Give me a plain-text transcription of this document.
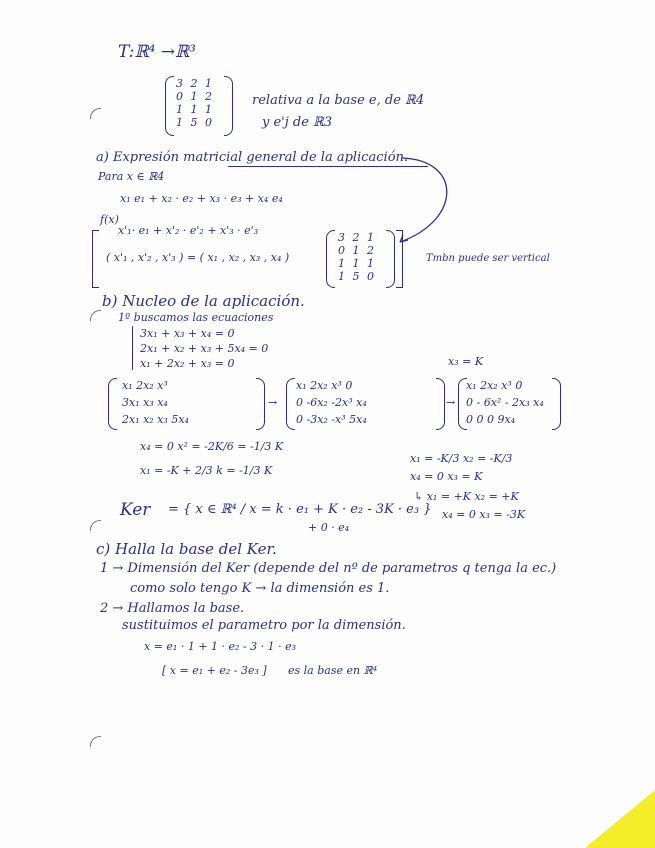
T:ℝ⁴ →ℝ³
3 2 1
0 1 2
1 1 1
1 5 0
relativa a la base e, de ℝ4
y e'j de ℝ3
a) Expresión matricial general de la aplicación.
Para x ∈ ℝ4
x₁ e₁ + x₂ · e₂ + x₃ · e₃ + x₄ e₄
f(x)
x'₁· e₁ + x'₂ · e'₂ + x'₃ · e'₃
( x'₁ , x'₂ , x'₃ ) = ( x₁ , x₂ , x₃ , x₄ )
3 2 1
0 1 2
1 1 1
1 5 0
Tmbn puede ser vertical
b) Nucleo de la aplicación.
1º buscamos las ecuaciones
3x₁ + x₃ + x₄ = 0
2x₁ + x₂ + x₃ + 5x₄ = 0
x₁ + 2x₂ + x₃ = 0	x₃ = K
x₁ 2x₂ x³
3x₁ x₃ x₄
2x₁ x₂ x₃ 5x₄
→
x₁ 2x₂ x³ 0
0 -6x₂ -2x³ x₄
0 -3x₂ -x³ 5x₄
→
x₁ 2x₂ x³ 0
0 - 6x² - 2x₃ x₄
0 0 0 9x₄
x₄ = 0 x² = -2K/6 = -1/3 K
x₁ = -K + 2/3 k = -1/3 K
x₁ = -K/3 x₂ = -K/3
x₄ = 0 x₃ = K
↳ x₁ = +K x₂ = +K
x₄ = 0 x₃ = -3K
Ker = { x ∈ ℝ⁴ / x = k · e₁ + K · e₂ - 3K · e₃ }
+ 0 · e₄
c) Halla la base del Ker.
1 → Dimensión del Ker (depende del nº de parametros q tenga la ec.)
como solo tengo K → la dimensión es 1.
2 → Hallamos la base.
sustituimos el parametro por la dimensión.
x = e₁ · 1 + 1 · e₂ - 3 · 1 · e₃
[ x = e₁ + e₂ - 3e₃ ] es la base en ℝ⁴
